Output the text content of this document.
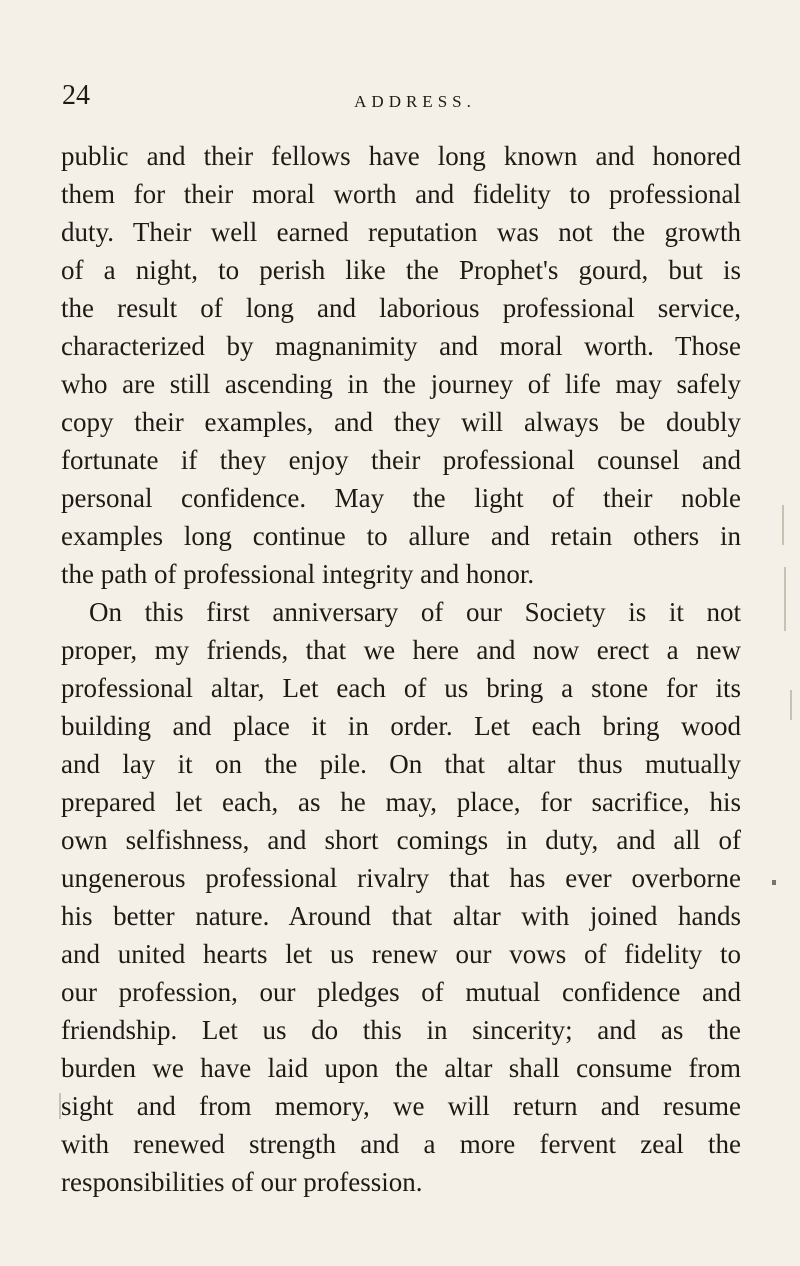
24	ADDRESS.
public and their fellows have long known and honored
them for their moral worth and fidelity to professional
duty. Their well earned reputation was not the growth
of a night, to perish like the Prophet's gourd, but is
the result of long and laborious professional service,
characterized by magnanimity and moral worth. Those
who are still ascending in the journey of life may safely
copy their examples, and they will always be doubly
fortunate if they enjoy their professional counsel and
personal confidence. May the light of their noble
examples long continue to allure and retain others in
the path of professional integrity and honor.
On this first anniversary of our Society is it not
proper, my friends, that we here and now erect a new
professional altar, Let each of us bring a stone for its
building and place it in order. Let each bring wood
and lay it on the pile. On that altar thus mutually
prepared let each, as he may, place, for sacrifice, his
own selfishness, and short comings in duty, and all of
ungenerous professional rivalry that has ever overborne
his better nature. Around that altar with joined hands
and united hearts let us renew our vows of fidelity to
our profession, our pledges of mutual confidence and
friendship. Let us do this in sincerity; and as the
burden we have laid upon the altar shall consume from
sight and from memory, we will return and resume
with renewed strength and a more fervent zeal the
responsibilities of our profession.
